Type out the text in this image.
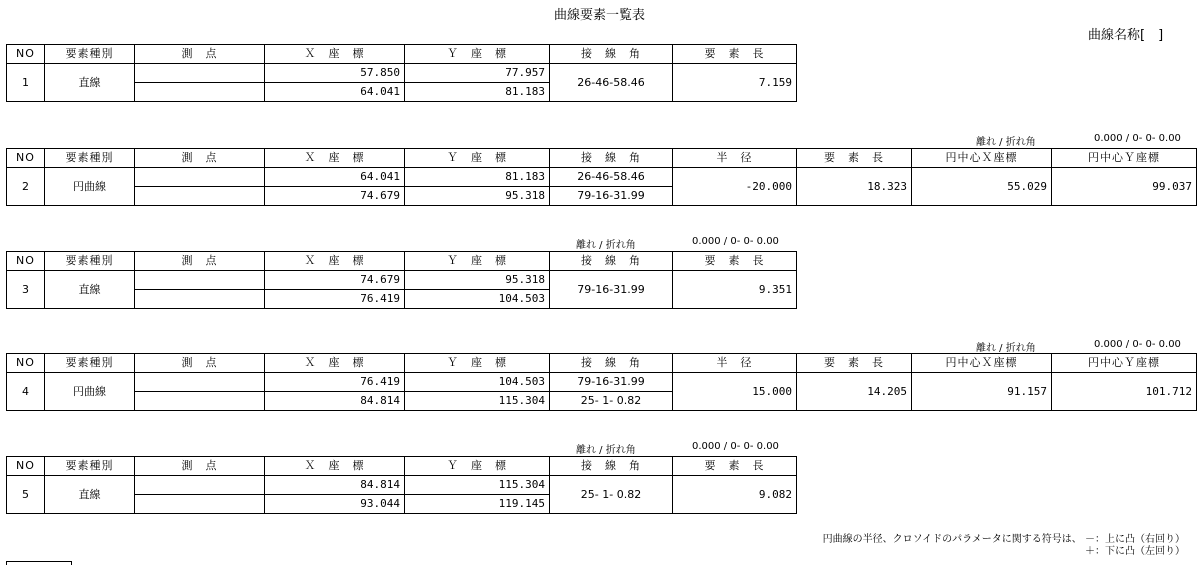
曲線要素一覧表
曲線名称[　]
NO	要素種別	測　点	Ｘ　座　標	Ｙ　座　標	接　線　角	要　素　長
1	直線		57.850	77.957	26-46-58.46	7.159
			64.041	81.183		
離れ / 折れ角	0.000 / 0- 0- 0.00
NO	要素種別	測　点	Ｘ　座　標	Ｙ　座　標	接　線　角	半　径	要　素　長	円中心Ｘ座標	円中心Ｙ座標
2	円曲線		64.041	81.183	26-46-58.46	-20.000	18.323	55.029	99.037
			74.679	95.318	79-16-31.99				
離れ / 折れ角	0.000 / 0- 0- 0.00
NO	要素種別	測　点	Ｘ　座　標	Ｙ　座　標	接　線　角	要　素　長
3	直線		74.679	95.318	79-16-31.99	9.351
			76.419	104.503		
離れ / 折れ角	0.000 / 0- 0- 0.00
NO	要素種別	測　点	Ｘ　座　標	Ｙ　座　標	接　線　角	半　径	要　素　長	円中心Ｘ座標	円中心Ｙ座標
4	円曲線		76.419	104.503	79-16-31.99	15.000	14.205	91.157	101.712
			84.814	115.304	25- 1- 0.82				
離れ / 折れ角	0.000 / 0- 0- 0.00
NO	要素種別	測　点	Ｘ　座　標	Ｙ　座　標	接　線　角	要　素　長
5	直線		84.814	115.304	25- 1- 0.82	9.082
			93.044	119.145		
円曲線の半径、クロソイドのパラメータに関する符号は、 －：上に凸（右回り）
＋：下に凸（左回り）
